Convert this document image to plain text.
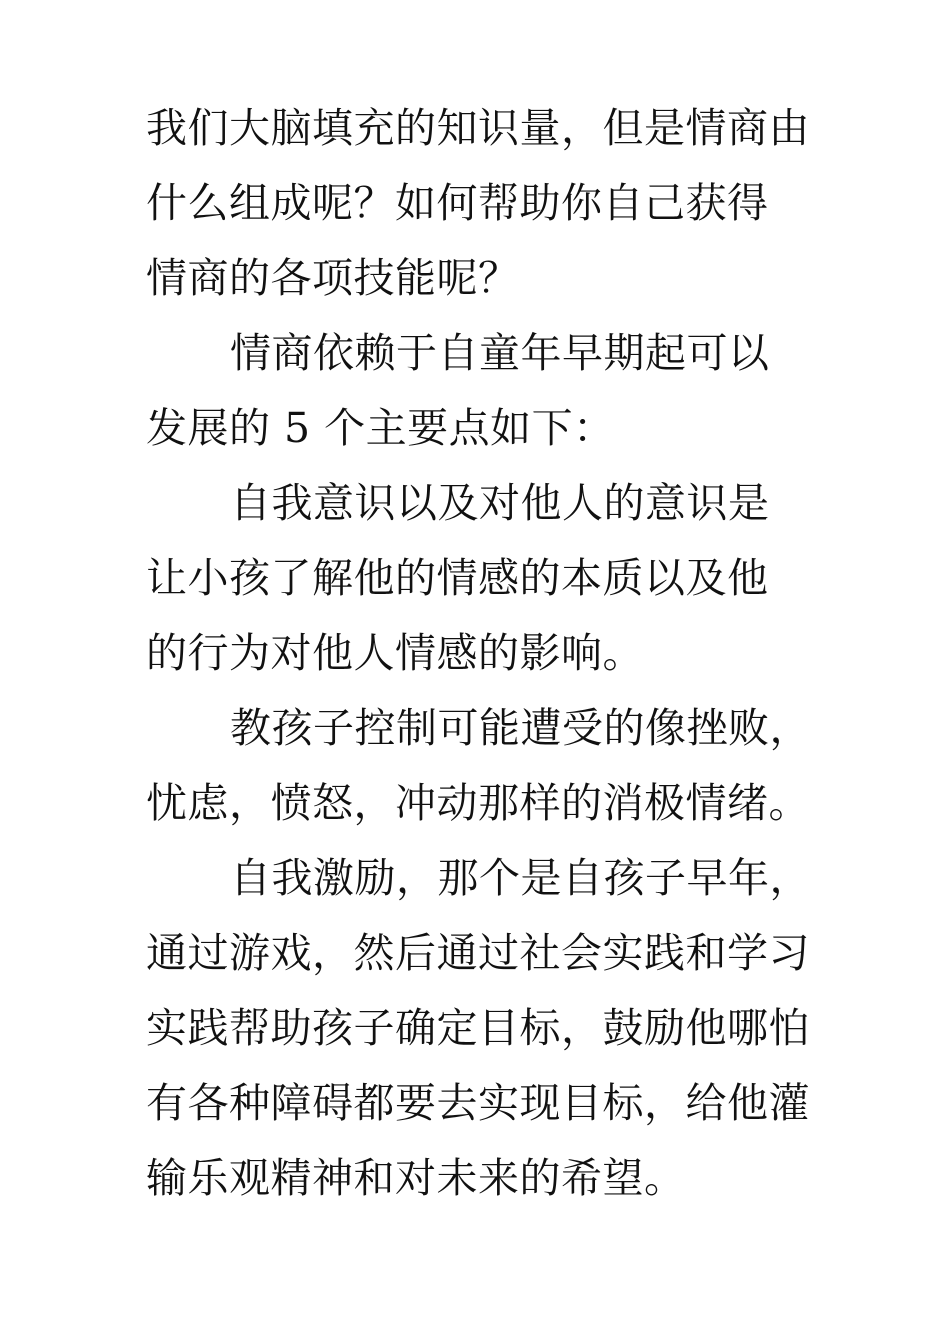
我们大脑填充的知识量，但是情商由
什么组成呢？如何帮助你自己获得
情商的各项技能呢？
情商依赖于自童年早期起可以
发展的 5 个主要点如下：
自我意识以及对他人的意识是
让小孩了解他的情感的本质以及他
的行为对他人情感的影响。
教孩子控制可能遭受的像挫败，
忧虑，愤怒，冲动那样的消极情绪。
自我激励，那个是自孩子早年，
通过游戏，然后通过社会实践和学习
实践帮助孩子确定目标，鼓励他哪怕
有各种障碍都要去实现目标，给他灌
输乐观精神和对未来的希望。
